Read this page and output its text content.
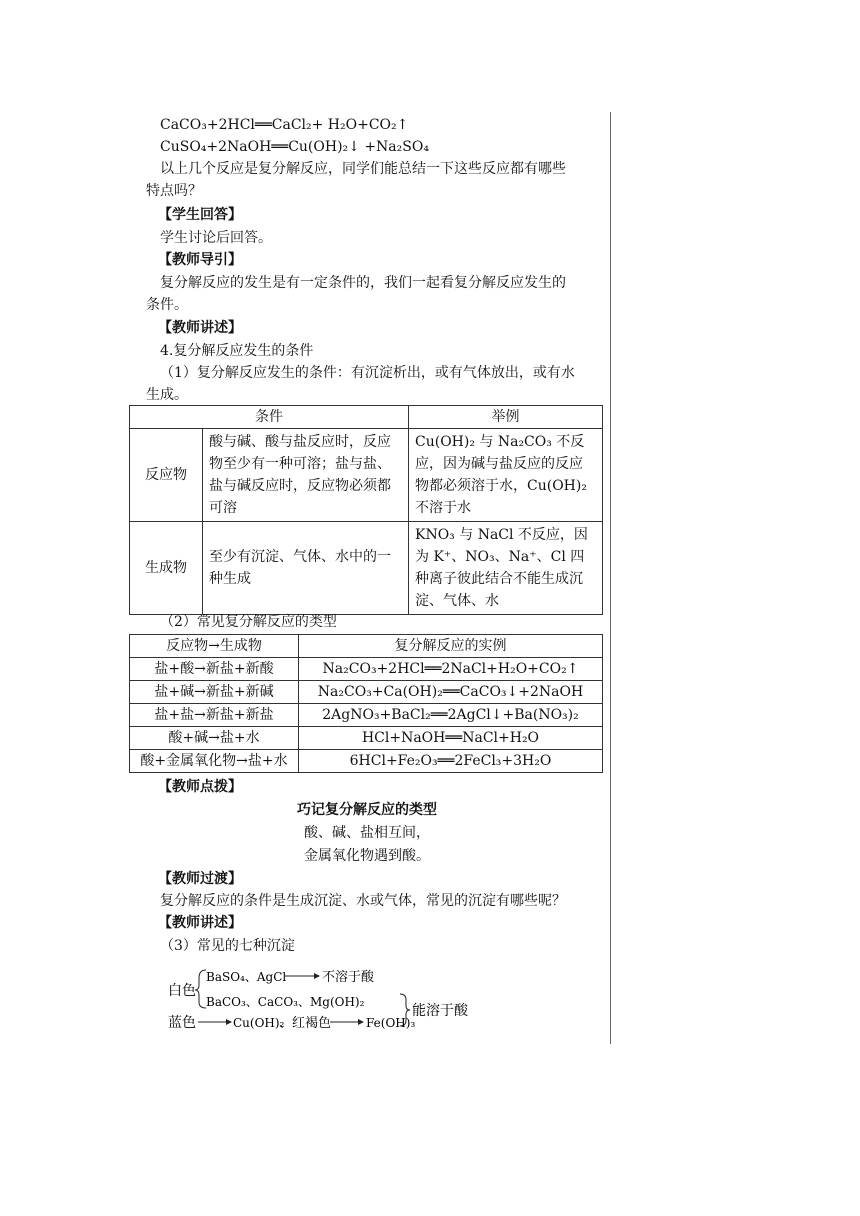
CaCO₃+2HCl══CaCl₂+ H₂O+CO₂↑
CuSO₄+2NaOH══Cu(OH)₂↓ +Na₂SO₄
以上几个反应是复分解反应，同学们能总结一下这些反应都有哪些
特点吗？
【学生回答】
学生讨论后回答。
【教师导引】
复分解反应的发生是有一定条件的，我们一起看复分解反应发生的
条件。
【教师讲述】
4.复分解反应发生的条件
（1）复分解反应发生的条件：有沉淀析出，或有气体放出，或有水
生成。
条件		举例
反应物	酸与碱、酸与盐反应时，反应物至少有一种可溶；盐与盐、盐与碱反应时，反应物必须都可溶	Cu(OH)₂ 与 Na₂CO₃ 不反应，因为碱与盐反应的反应物都必须溶于水，Cu(OH)₂ 不溶于水
生成物	至少有沉淀、气体、水中的一种生成	KNO₃ 与 NaCl 不反应，因为 K⁺、NO₃、Na⁺、Cl 四种离子彼此结合不能生成沉淀、气体、水
（2）常见复分解反应的类型
反应物→生成物	复分解反应的实例
盐+酸→新盐+新酸	Na₂CO₃+2HCl══2NaCl+H₂O+CO₂↑
盐+碱→新盐+新碱	Na₂CO₃+Ca(OH)₂══CaCO₃↓+2NaOH
盐+盐→新盐+新盐	2AgNO₃+BaCl₂══2AgCl↓+Ba(NO₃)₂
酸+碱→盐+水	HCl+NaOH══NaCl+H₂O
酸+金属氧化物→盐+水	6HCl+Fe₂O₃══2FeCl₃+3H₂O
【教师点拨】
巧记复分解反应的类型
酸、碱、盐相互间，
金属氧化物遇到酸。
【教师过渡】
复分解反应的条件是生成沉淀、水或气体，常见的沉淀有哪些呢？
【教师讲述】
（3）常见的七种沉淀
白色
BaSO₄、AgCl	不溶于酸
BaCO₃、CaCO₃、Mg(OH)₂
能溶于酸
蓝色	Cu(OH)₂
、红褐色	Fe(OH)₃
